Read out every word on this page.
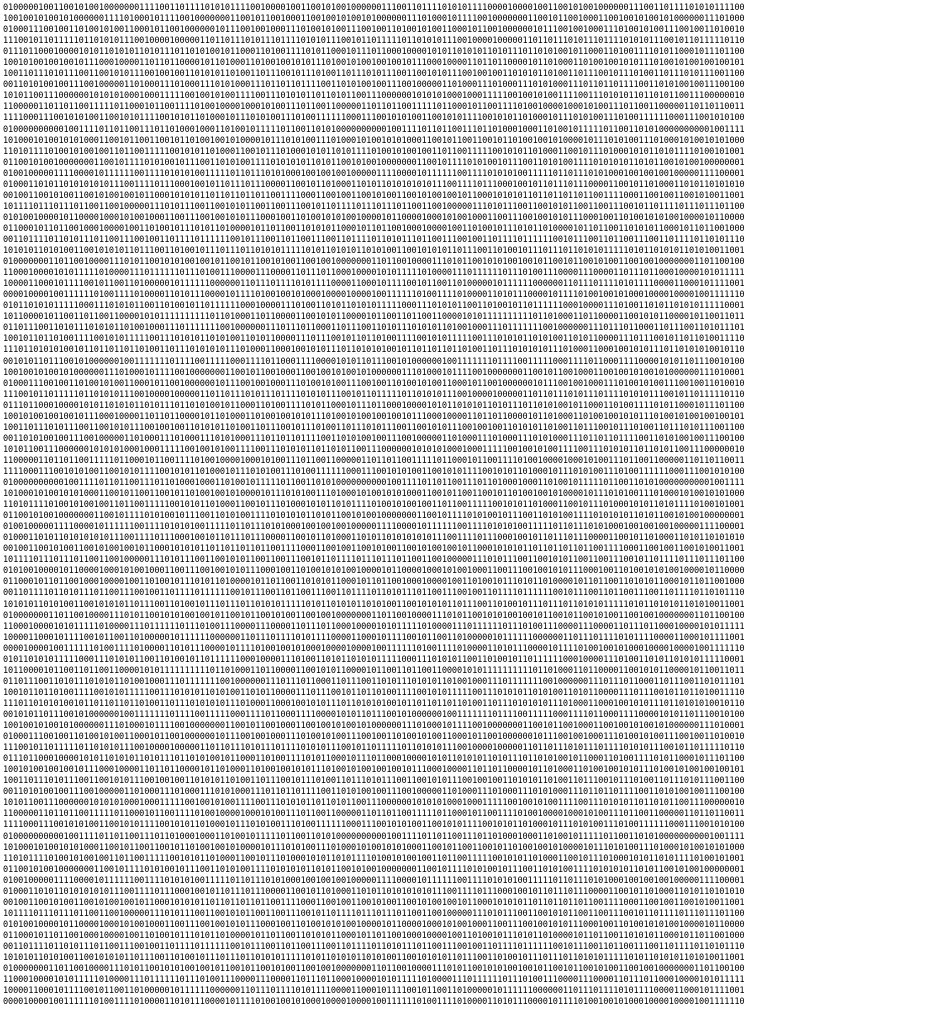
010000010011001010010000000111100110111101010111100100001001100101001000000111001101111010101111000010000100110010100100000011100110111101010111100
100100101001010000001111010001011110010000000110010110010001100100101001010000001110100010111100100000001100101100100011001001010010100000011101000
010001110010011010010100110001011001000000101110010010001110100101001110010011010010100110001011001000000101110010010001110100101001110010011010010
111001011011111011010101110010000100000110110111010111011110101011100101101111101101010111001000010000011011011101011101111010101110010110111110110
011101100010000101011010101101011101101010010110001101001111010110001011101100010000101011010101101011101101010010110001101001111010110001011101100
100101001001001011100010000110110110000101101000110100100101011101001010010010010111000100001101101100001011010001101001001010111010010100100100101
100110111010111001100101011100100100110101011010011011100101110100110111010111001100101011100100100110101011010011011100101110100110111010111001100
001101010010011100100000110100011101000111010100011101101101111001101010010011100100000110100011101000111010100011101101101111001101010010011100100
101011001110000001010101000100011111001001010011110011101010110110101100111000000101010100010001111100100101001111001110101011011010110011100000010
110000011011011001111101100010110011110100100001000101001110110011000001101101100111110110001011001111010010000100010100111011001100000110110110011
111100011100101010011001010111100101011010001011101010011101001111110001110010101001100101011110010101101000101110101001110100111111000111001010100
010000000000100111101101100111011010001000110100101111101100110101000000000010011110110110011101101000100011010010111110110011010100000000001001111
101000101001010100011001011001100101101001001010000101110101001110100010100101010001100101100110010110100100101000010111010100111010001010010101000
110101111010010100100110110011111001010110100011001011101000101011010111101001010010011011001111100101011010001100101110100010101101011110100101001
011001010010000000110010111101010010111001101010011110101010110101100101001000000011001011110101001011100110101001111010101011010110010100100000001
010010000011110000101111110011110101010011111011011101010001001001001000001111000010111111001111010101001111101101110101000100100100100000111100001
010001101011010101010111001111011100010010110111011100001100101101000110101101010101011100111101110001001011011101110000110010110100011010110101010
001001100101001100101001001011000101010110110110110110011110001100100110010100110010100100101100010101011011011011011001111000110010011001010011001
101111011101110110011001000001110101110011001010110011001110010110111101110111011001100100000111010111001100101011001100111001011011110111011101100
010100100001011000010001010010001100111001001010111000100110100101010010000101100001000101001000110011100100101011100010011010010101001000010110000
011000101101100100010000100110100101110101101000010110110011010101100010110110010001000010011010010111010110100001011011001101010110001011011001000
001101111011010111011001110010011011110111111001011100110110011100110111101101011101100111001001101111011111100101110011011001110011011110110101110
101010110101001100101010110111001101001011101110110101011111010110101011010100110010101011011100110100101110111011010101111101011010101101010011001
010000000110110010000111010110010101001001011001011001010011001001000000011011001000011101011001010100100101100101100101001100100100000001101100100
110001000010101111101000011101111110111010011100001110000110111011000100001010111110100001110111111011101001110000111000011011101100010000101011111
100001100010111100101100110100000101111110000001101110111101011110000110001011110010110011010000010111111000000110111011110101111000011000101111001
000010000100111111010011110100001101011100001011110100100101000100001000010011111101001111010000110101110000101111010010010100010000100001001111110
010110101011111000111010101100110100101101111110001000011101001101011010101111100011101010110011010010110111111000100001110100110101101010111110001
101100001011001101100110000101011111111110110100011011000011001010110000101100110110011000010101111111111011010001101100001100101011000010110011011
011011100110101110101011010010001110111111100100000011101110110001101110011010111010101101001000111011111110010000001110111011000110111001101011101
100101101101001111001010111110011101010110101001101011000011101110010110110100111100101011111001110101011010100110101100001110111001011011010011110
111011010101001011011011011010011011101010101110100011000100101011101101010100101101101101101001101110101010111010001100010010101110110101010010110
001010110111001010000001001111111011110011111000111101100011110000101011011100101000000100111111101111001111100011110110001111000010101101110010100
100100101001010000001110100010111100100000001100101100100011001001010010100000011101000101111001000000011001011001000110010010100101000000111010001
010001110010011010010100110001011001000000101110010010001110100101001110010011010010100110001011001000000101110010010001110100101001110010011010010
111001011011111011010101110010000100000110110111010111011110101011100101101111101101010111001000010000011011011101011101111010101110010110111110110
011101100010000101011010101101011101101010010110001101001111010110001011101100010000101011010101101011101101010010110001101001111010110001011101100
100101001001001011100010000110110110000101101000110100100101011101001010010010010111000100001101101100001011010001101001001010111010010100100100101
100110111010111001100101011100100100110101011010011011100101110100110111010111001100101011100100100110101011010011011100101110100110111010111001100
001101010010011100100000110100011101000111010100011101101101111001101010010011100100000110100011101000111010100011101101101111001101010010011100100
101011001110000001010101000100011111001001010011110011101010110110101100111000000101010100010001111100100101001111001110101011011010110011100000010
110000011011011001111101100010110011110100100001000101001110110011000001101101100111110110001011001111010010000100010100111011001100000110110110011
111100011100101010011001010111100101011010001011101010011101001111110001110010101001100101011110010101101000101110101001110100111111000111001010100
010000000000100111101101100111011010001000110100101111101100110101000000000010011110110110011101101000100011010010111110110011010100000000001001111
101000101001010100011001011001100101101001001010000101110101001110100010100101010001100101100110010110100100101000010111010100111010001010010101000
110101111010010100100110110011111001010110100011001011101000101011010111101001010010011011001111100101011010001100101110100010101101011110100101001
011001010010000000110010111101010010111001101010011110101010110101100101001000000011001011110101001011100110101001111010101011010110010100100000001
010010000011110000101111110011110101010011111011011101010001001001001000001111000010111111001111010101001111101101110101000100100100100000111100001
010001101011010101010111001111011100010010110111011100001100101101000110101101010101011100111101110001001011011101110000110010110100011010110101010
001001100101001100101001001011000101010110110110110110011110001100100110010100110010100100101100010101011011011011011001111000110010011001010011001
101111011101110110011001000001110101110011001010110011001110010110111101110111011001100100000111010111001100101011001100111001011011110111011101100
010100100001011000010001010010001100111001001010111000100110100101010010000101100001000101001000110011100100101011100010011010010101001000010110000
011000101101100100010000100110100101110101101000010110110011010101100010110110010001000010011010010111010110100001011011001101010110001011011001000
001101111011010111011001110010011011110111111001011100110110011100110111101101011101100111001001101111011111100101110011011001110011011110110101110
101010110101001100101010110111001101001011101110110101011111010110101011010100110010101011011100110100101110111011010101111101011010101101010011001
010000000110110010000111010110010101001001011001011001010011001001000000011011001000011101011001010100100101100101100101001100100100000001101100100
110001000010101111101000011101111110111010011100001110000110111011000100001010111110100001110111111011101001110000111000011011101100010000101011111
100001100010111100101100110100000101111110000001101110111101011110000110001011110010110011010000010111111000000110111011110101111000011000101111001
000010000100111111010011110100001101011100001011110100100101000100001000010011111101001111010000110101110000101111010010010100010000100001001111110
010110101011111000111010101100110100101101111110001000011101001101011010101111100011101010110011010010110111111000100001110100110101101010111110001
101100001011001101100110000101011111111110110100011011000011001010110000101100110110011000010101111111111011010001101100001100101011000010110011011
011011100110101110101011010010001110111111100100000011101110110001101110011010111010101101001000111011111110010000001110111011000110111001101011101
100101101101001111001010111110011101010110101001101011000011101110010110110100111100101011111001110101011010100110101100001110111001011011010011110
111011010101001011011011011010011011101010101110100011000100101011101101010100101101101101101001101110101010111010001100010010101110110101010010110
001010110111001010000001001111111011110011111000111101100011110000101011011100101000000100111111101111001111100011110110001111000010101101110010100
100100101001010000001110100010111100100000001100101100100011001001010010100000011101000101111001000000011001011001000110010010100101000000111010001
010001110010011010010100110001011001000000101110010010001110100101001110010011010010100110001011001000000101110010010001110100101001110010011010010
111001011011111011010101110010000100000110110111010111011110101011100101101111101101010111001000010000011011011101011101111010101110010110111110110
011101100010000101011010101101011101101010010110001101001111010110001011101100010000101011010101101011101101010010110001101001111010110001011101100
100101001001001011100010000110110110000101101000110100100101011101001010010010010111000100001101101100001011010001101001001010111010010100100100101
100110111010111001100101011100100100110101011010011011100101110100110111010111001100101011100100100110101011010011011100101110100110111010111001100
001101010010011100100000110100011101000111010100011101101101111001101010010011100100000110100011101000111010100011101101101111001101010010011100100
101011001110000001010101000100011111001001010011110011101010110110101100111000000101010100010001111100100101001111001110101011011010110011100000010
110000011011011001111101100010110011110100100001000101001110110011000001101101100111110110001011001111010010000100010100111011001100000110110110011
111100011100101010011001010111100101011010001011101010011101001111110001110010101001100101011110010101101000101110101001110100111111000111001010100
010000000000100111101101100111011010001000110100101111101100110101000000000010011110110110011101101000100011010010111110110011010100000000001001111
101000101001010100011001011001100101101001001010000101110101001110100010100101010001100101100110010110100100101000010111010100111010001010010101000
110101111010010100100110110011111001010110100011001011101000101011010111101001010010011011001111100101011010001100101110100010101101011110100101001
011001010010000000110010111101010010111001101010011110101010110101100101001000000011001011110101001011100110101001111010101011010110010100100000001
010010000011110000101111110011110101010011111011011101010001001001001000001111000010111111001111010101001111101101110101000100100100100000111100001
010001101011010101010111001111011100010010110111011100001100101101000110101101010101011100111101110001001011011101110000110010110100011010110101010
001001100101001100101001001011000101010110110110110110011110001100100110010100110010100100101100010101011011011011011001111000110010011001010011001
101111011101110110011001000001110101110011001010110011001110010110111101110111011001100100000111010111001100101011001100111001011011110111011101100
010100100001011000010001010010001100111001001010111000100110100101010010000101100001000101001000110011100100101011100010011010010101001000010110000
011000101101100100010000100110100101110101101000010110110011010101100010110110010001000010011010010111010110100001011011001101010110001011011001000
001101111011010111011001110010011011110111111001011100110110011100110111101101011101100111001001101111011111100101110011011001110011011110110101110
101010110101001100101010110111001101001011101110110101011111010110101011010100110010101011011100110100101110111011010101111101011010101101010011001
010000000110110010000111010110010101001001011001011001010011001001000000011011001000011101011001010100100101100101100101001100100100000001101100100
110001000010101111101000011101111110111010011100001110000110111011000100001010111110100001110111111011101001110000111000011011101100010000101011111
100001100010111100101100110100000101111110000001101110111101011110000110001011110010110011010000010111111000000110111011110101111000011000101111001
000010000100111111010011110100001101011100001011110100100101000100001000010011111101001111010000110101110000101111010010010100010000100001001111110
